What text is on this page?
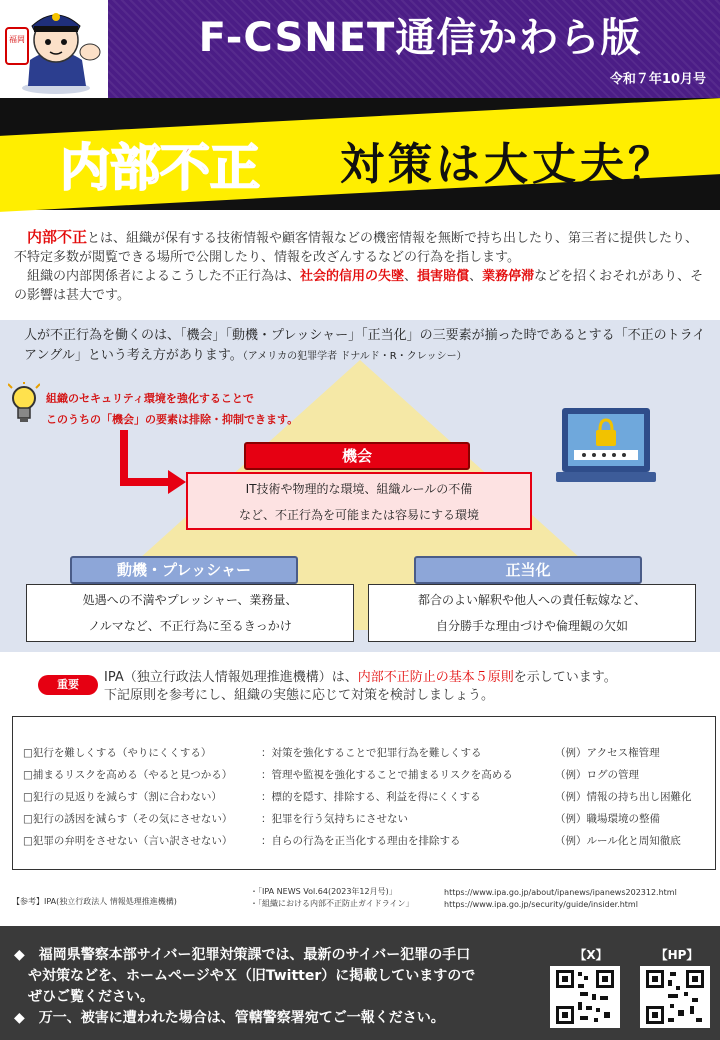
福岡	F-CSNET通信かわら版
令和７年10月号
内部不正 対策は大丈夫？
　内部不正とは、組織が保有する技術情報や顧客情報などの機密情報を無断で持ち出したり、第三者に提供したり、不特定多数が閲覧できる場所で公開したり、情報を改ざんするなどの行為を指します。
　組織の内部関係者によるこうした不正行為は、社会的信用の失墜、損害賠償、業務停滞などを招くおそれがあり、その影響は甚大です。
人が不正行為を働くのは、「機会」「動機・プレッシャー」「正当化」の三要素が揃った時であるとする「不正のトライアングル」という考え方があります。（アメリカの犯罪学者 ドナルド・R・クレッシー）
組織のセキュリティ環境を強化することで
このうちの「機会」の要素は排除・抑制できます。
機会
IT技術や物理的な環境、組織ルールの不備
など、不正行為を可能または容易にする環境
動機・プレッシャー
処遇への不満やプレッシャー、業務量、
ノルマなど、不正行為に至るきっかけ
正当化
都合のよい解釈や他人への責任転嫁など、
自分勝手な理由づけや倫理観の欠如
重要	IPA（独立行政法人情報処理推進機構）は、内部不正防止の基本５原則を示しています。
下記原則を参考にし、組織の実態に応じて対策を検討しましょう。
□犯行を難しくする（やりにくくする）	：対策を強化することで犯罪行為を難しくする	（例）アクセス権管理
□捕まるリスクを高める（やると見つかる）	：管理や監視を強化することで捕まるリスクを高める	（例）ログの管理
□犯行の見返りを減らす（割に合わない）	：標的を隠す、排除する、利益を得にくくする	（例）情報の持ち出し困難化
□犯行の誘因を減らす（その気にさせない）	：犯罪を行う気持ちにさせない	（例）職場環境の整備
□犯罪の弁明をさせない（言い訳させない）	：自らの行為を正当化する理由を排除する	（例）ルール化と周知徹底
【参考】IPA(独立行政法人 情報処理推進機構)
・「IPA NEWS Vol.64(2023年12月号)」
・「組織における内部不正防止ガイドライン」
https://www.ipa.go.jp/about/ipanews/ipanews202312.html
https://www.ipa.go.jp/security/guide/insider.html
◆　福岡県警察本部サイバー犯罪対策課では、最新のサイバー犯罪の手口
　や対策などを、ホームページやＸ（旧Twitter）に掲載していますので
　ぜひご覧ください。
◆　万一、被害に遭われた場合は、管轄警察署宛てご一報ください。
【X】	【HP】
